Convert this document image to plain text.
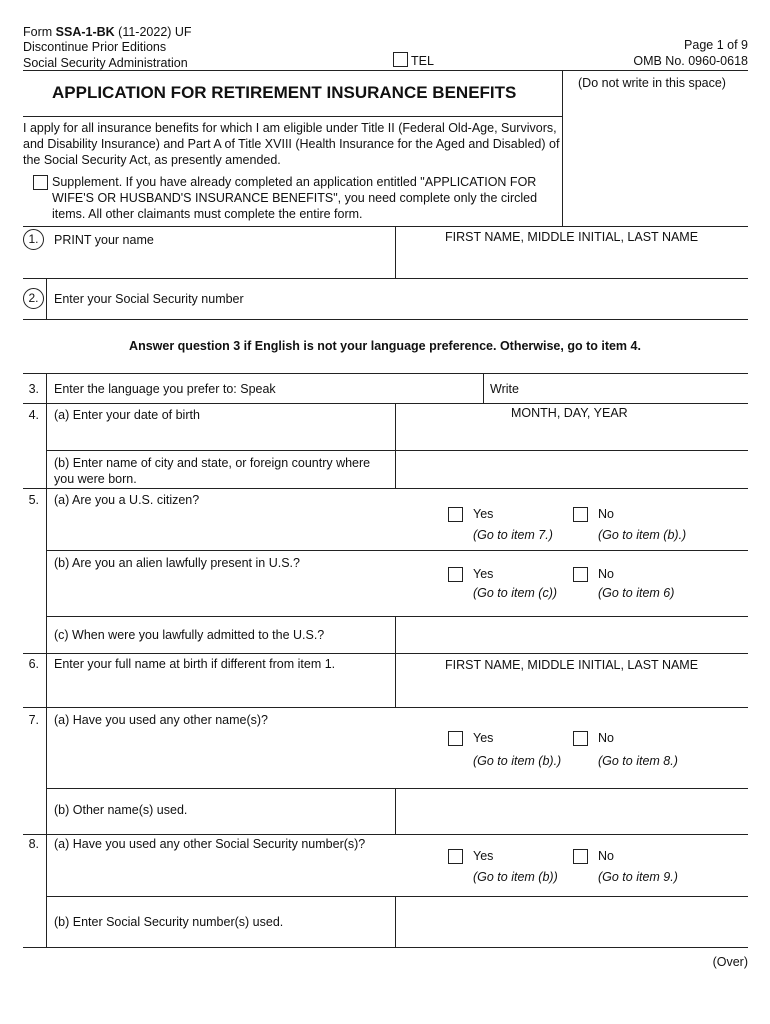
Form SSA-1-BK (11-2022) UF
Discontinue Prior Editions
Social Security Administration	TEL
Page 1 of 9
OMB No. 0960-0618
(Do not write in this space)
APPLICATION FOR RETIREMENT INSURANCE BENEFITS
I apply for all insurance benefits for which I am eligible under Title II (Federal Old-Age, Survivors, and Disability Insurance) and Part A of Title XVIII (Health Insurance for the Aged and Disabled) of the Social Security Act, as presently amended.
Supplement. If you have already completed an application entitled "APPLICATION FOR WIFE'S OR HUSBAND'S INSURANCE BENEFITS", you need complete only the circled items. All other claimants must complete the entire form.
1.	PRINT your name	FIRST NAME, MIDDLE INITIAL, LAST NAME
2.	Enter your Social Security number
Answer question 3 if English is not your language preference. Otherwise, go to item 4.
3. Enter the language you prefer to: Speak	Write
4. (a) Enter your date of birth	MONTH, DAY, YEAR
(b) Enter name of city and state, or foreign country where you were born.
5. (a) Are you a U.S. citizen?
Yes	No
(Go to item 7.)	(Go to item (b).)
(b) Are you an alien lawfully present in U.S.?
Yes	No
(Go to item (c))	(Go to item 6)
(c) When were you lawfully admitted to the U.S.?
6. Enter your full name at birth if different from item 1.	FIRST NAME, MIDDLE INITIAL, LAST NAME
7. (a) Have you used any other name(s)?
Yes	No
(Go to item (b).)	(Go to item 8.)
(b) Other name(s) used.
8. (a) Have you used any other Social Security number(s)?
Yes	No
(Go to item (b))	(Go to item 9.)
(b) Enter Social Security number(s) used.
(Over)
